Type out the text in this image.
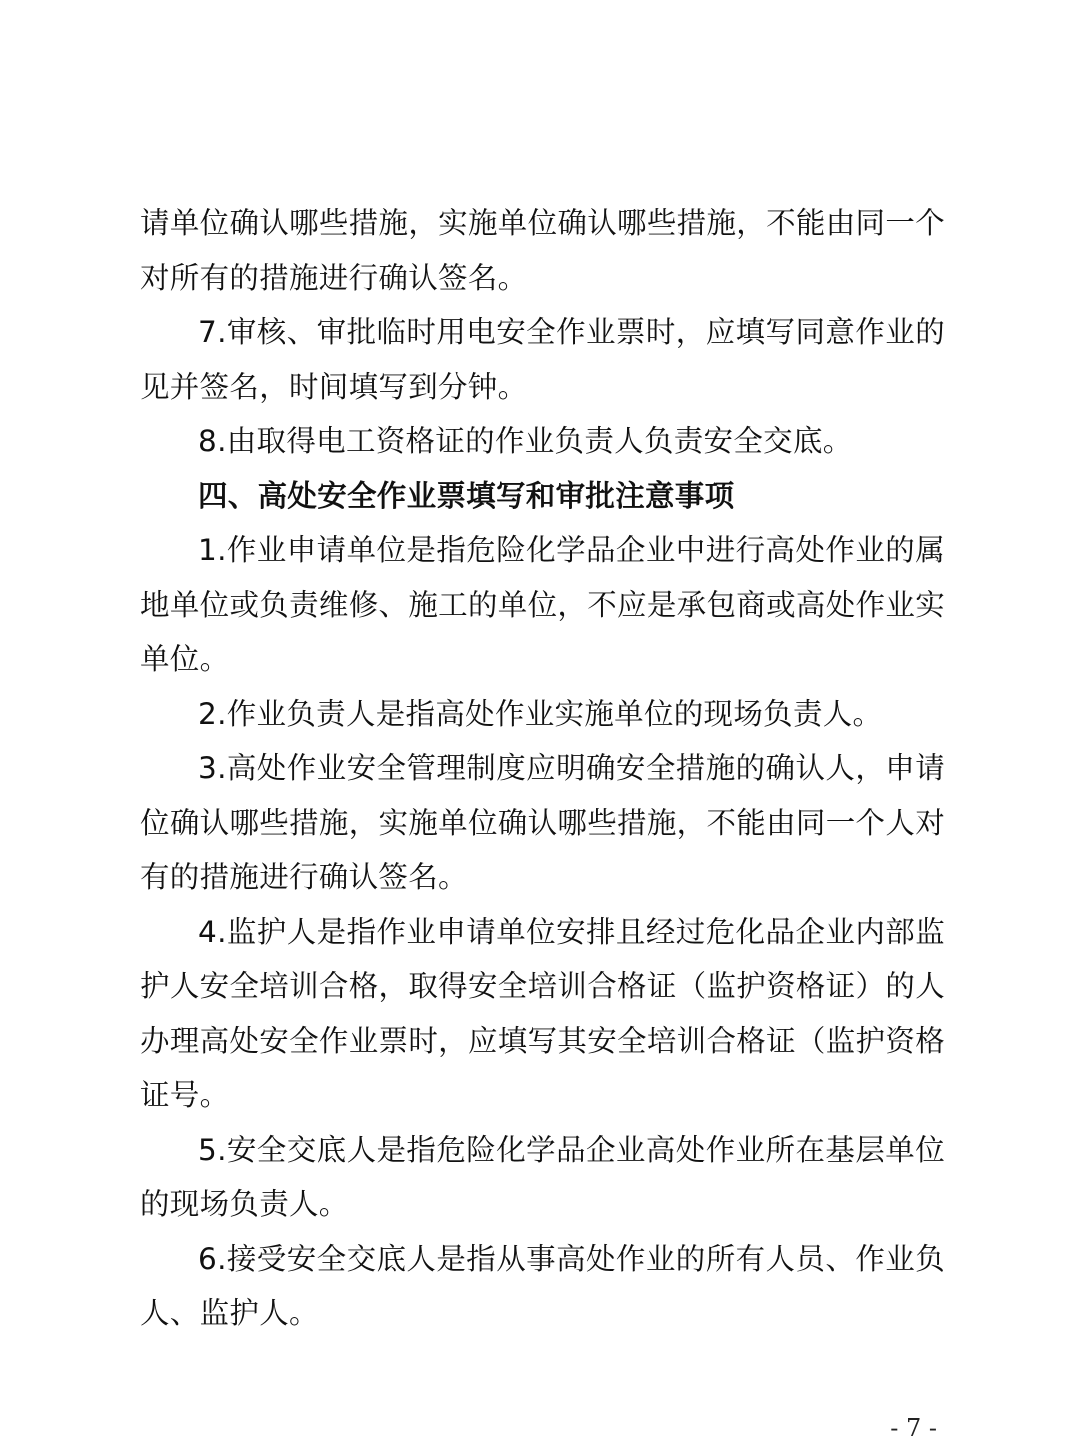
请单位确认哪些措施，实施单位确认哪些措施，不能由同一个
对所有的措施进行确认签名。
7.审核、审批临时用电安全作业票时，应填写同意作业的
见并签名，时间填写到分钟。
8.由取得电工资格证的作业负责人负责安全交底。
四、高处安全作业票填写和审批注意事项
1.作业申请单位是指危险化学品企业中进行高处作业的属
地单位或负责维修、施工的单位，不应是承包商或高处作业实
单位。
2.作业负责人是指高处作业实施单位的现场负责人。
3.高处作业安全管理制度应明确安全措施的确认人，申请
位确认哪些措施，实施单位确认哪些措施，不能由同一个人对
有的措施进行确认签名。
4.监护人是指作业申请单位安排且经过危化品企业内部监
护人安全培训合格，取得安全培训合格证（监护资格证）的人
办理高处安全作业票时，应填写其安全培训合格证（监护资格
证号。
5.安全交底人是指危险化学品企业高处作业所在基层单位
的现场负责人。
6.接受安全交底人是指从事高处作业的所有人员、作业负
人、监护人。
- 7 -
